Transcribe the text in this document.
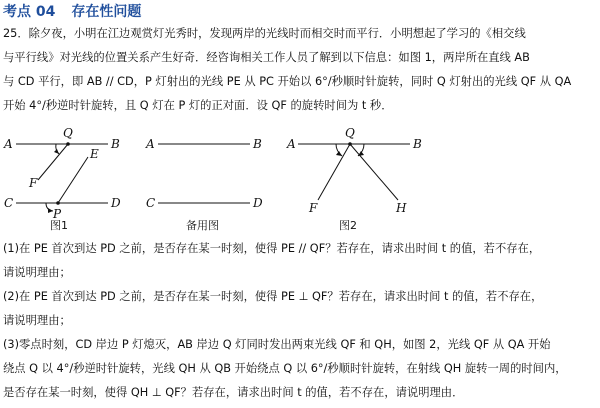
考点 04 存在性问题
25．除夕夜，小明在江边观赏灯光秀时，发现两岸的光线时而相交时而平行．小明想起了学习的《相交线
与平行线》对光线的位置关系产生好奇．经咨询相关工作人员了解到以下信息：如图 1，两岸所在直线 AB
与 CD 平行，即 AB // CD，P 灯射出的光线 PE 从 PC 开始以 6°/秒顺时针旋转，同时 Q 灯射出的光线 QF 从 QA
开始 4°/秒逆时针旋转，且 Q 灯在 P 灯的正对面．设 QF 的旋转时间为 t 秒．
A
Q
B
E
F
C
P
D
图1
A	B
C	D
备用图
A
Q
B
F	H
图2
(1)在 PE 首次到达 PD 之前，是否存在某一时刻，使得 PE // QF？若存在，请求出时间 t 的值，若不存在，
请说明理由；
(2)在 PE 首次到达 PD 之前，是否存在某一时刻，使得 PE ⊥ QF？若存在，请求出时间 t 的值，若不存在，
请说明理由；
(3)零点时刻，CD 岸边 P 灯熄灭，AB 岸边 Q 灯同时发出两束光线 QF 和 QH，如图 2，光线 QF 从 QA 开始
绕点 Q 以 4°/秒逆时针旋转，光线 QH 从 QB 开始绕点 Q 以 6°/秒顺时针旋转，在射线 QH 旋转一周的时间内，
是否存在某一时刻，使得 QH ⊥ QF？若存在，请求出时间 t 的值，若不存在，请说明理由．
